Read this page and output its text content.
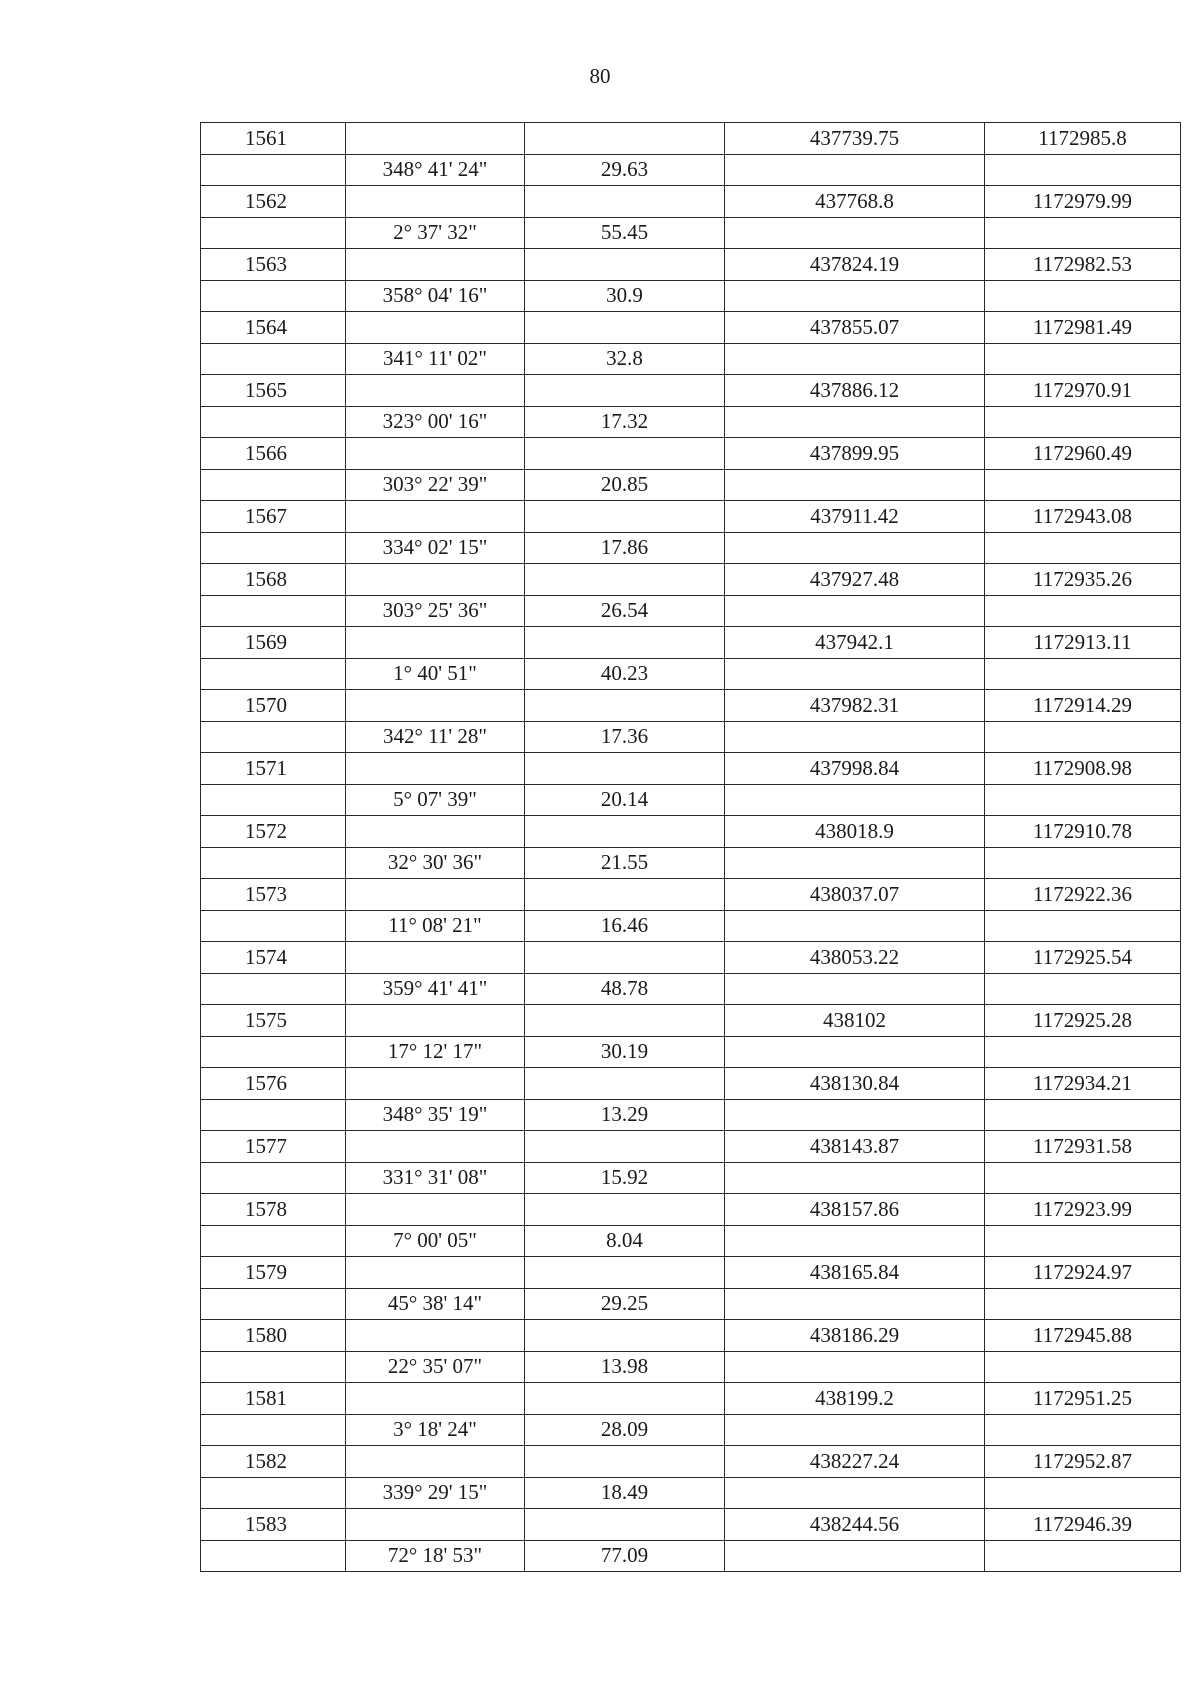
80
1561			437739.75	1172985.8
	348° 41' 24"	29.63		
1562			437768.8	1172979.99
	2° 37' 32"	55.45		
1563			437824.19	1172982.53
	358° 04' 16"	30.9		
1564			437855.07	1172981.49
	341° 11' 02"	32.8		
1565			437886.12	1172970.91
	323° 00' 16"	17.32		
1566			437899.95	1172960.49
	303° 22' 39"	20.85		
1567			437911.42	1172943.08
	334° 02' 15"	17.86		
1568			437927.48	1172935.26
	303° 25' 36"	26.54		
1569			437942.1	1172913.11
	1° 40' 51"	40.23		
1570			437982.31	1172914.29
	342° 11' 28"	17.36		
1571			437998.84	1172908.98
	5° 07' 39"	20.14		
1572			438018.9	1172910.78
	32° 30' 36"	21.55		
1573			438037.07	1172922.36
	11° 08' 21"	16.46		
1574			438053.22	1172925.54
	359° 41' 41"	48.78		
1575			438102	1172925.28
	17° 12' 17"	30.19		
1576			438130.84	1172934.21
	348° 35' 19"	13.29		
1577			438143.87	1172931.58
	331° 31' 08"	15.92		
1578			438157.86	1172923.99
	7° 00' 05"	8.04		
1579			438165.84	1172924.97
	45° 38' 14"	29.25		
1580			438186.29	1172945.88
	22° 35' 07"	13.98		
1581			438199.2	1172951.25
	3° 18' 24"	28.09		
1582			438227.24	1172952.87
	339° 29' 15"	18.49		
1583			438244.56	1172946.39
	72° 18' 53"	77.09		
